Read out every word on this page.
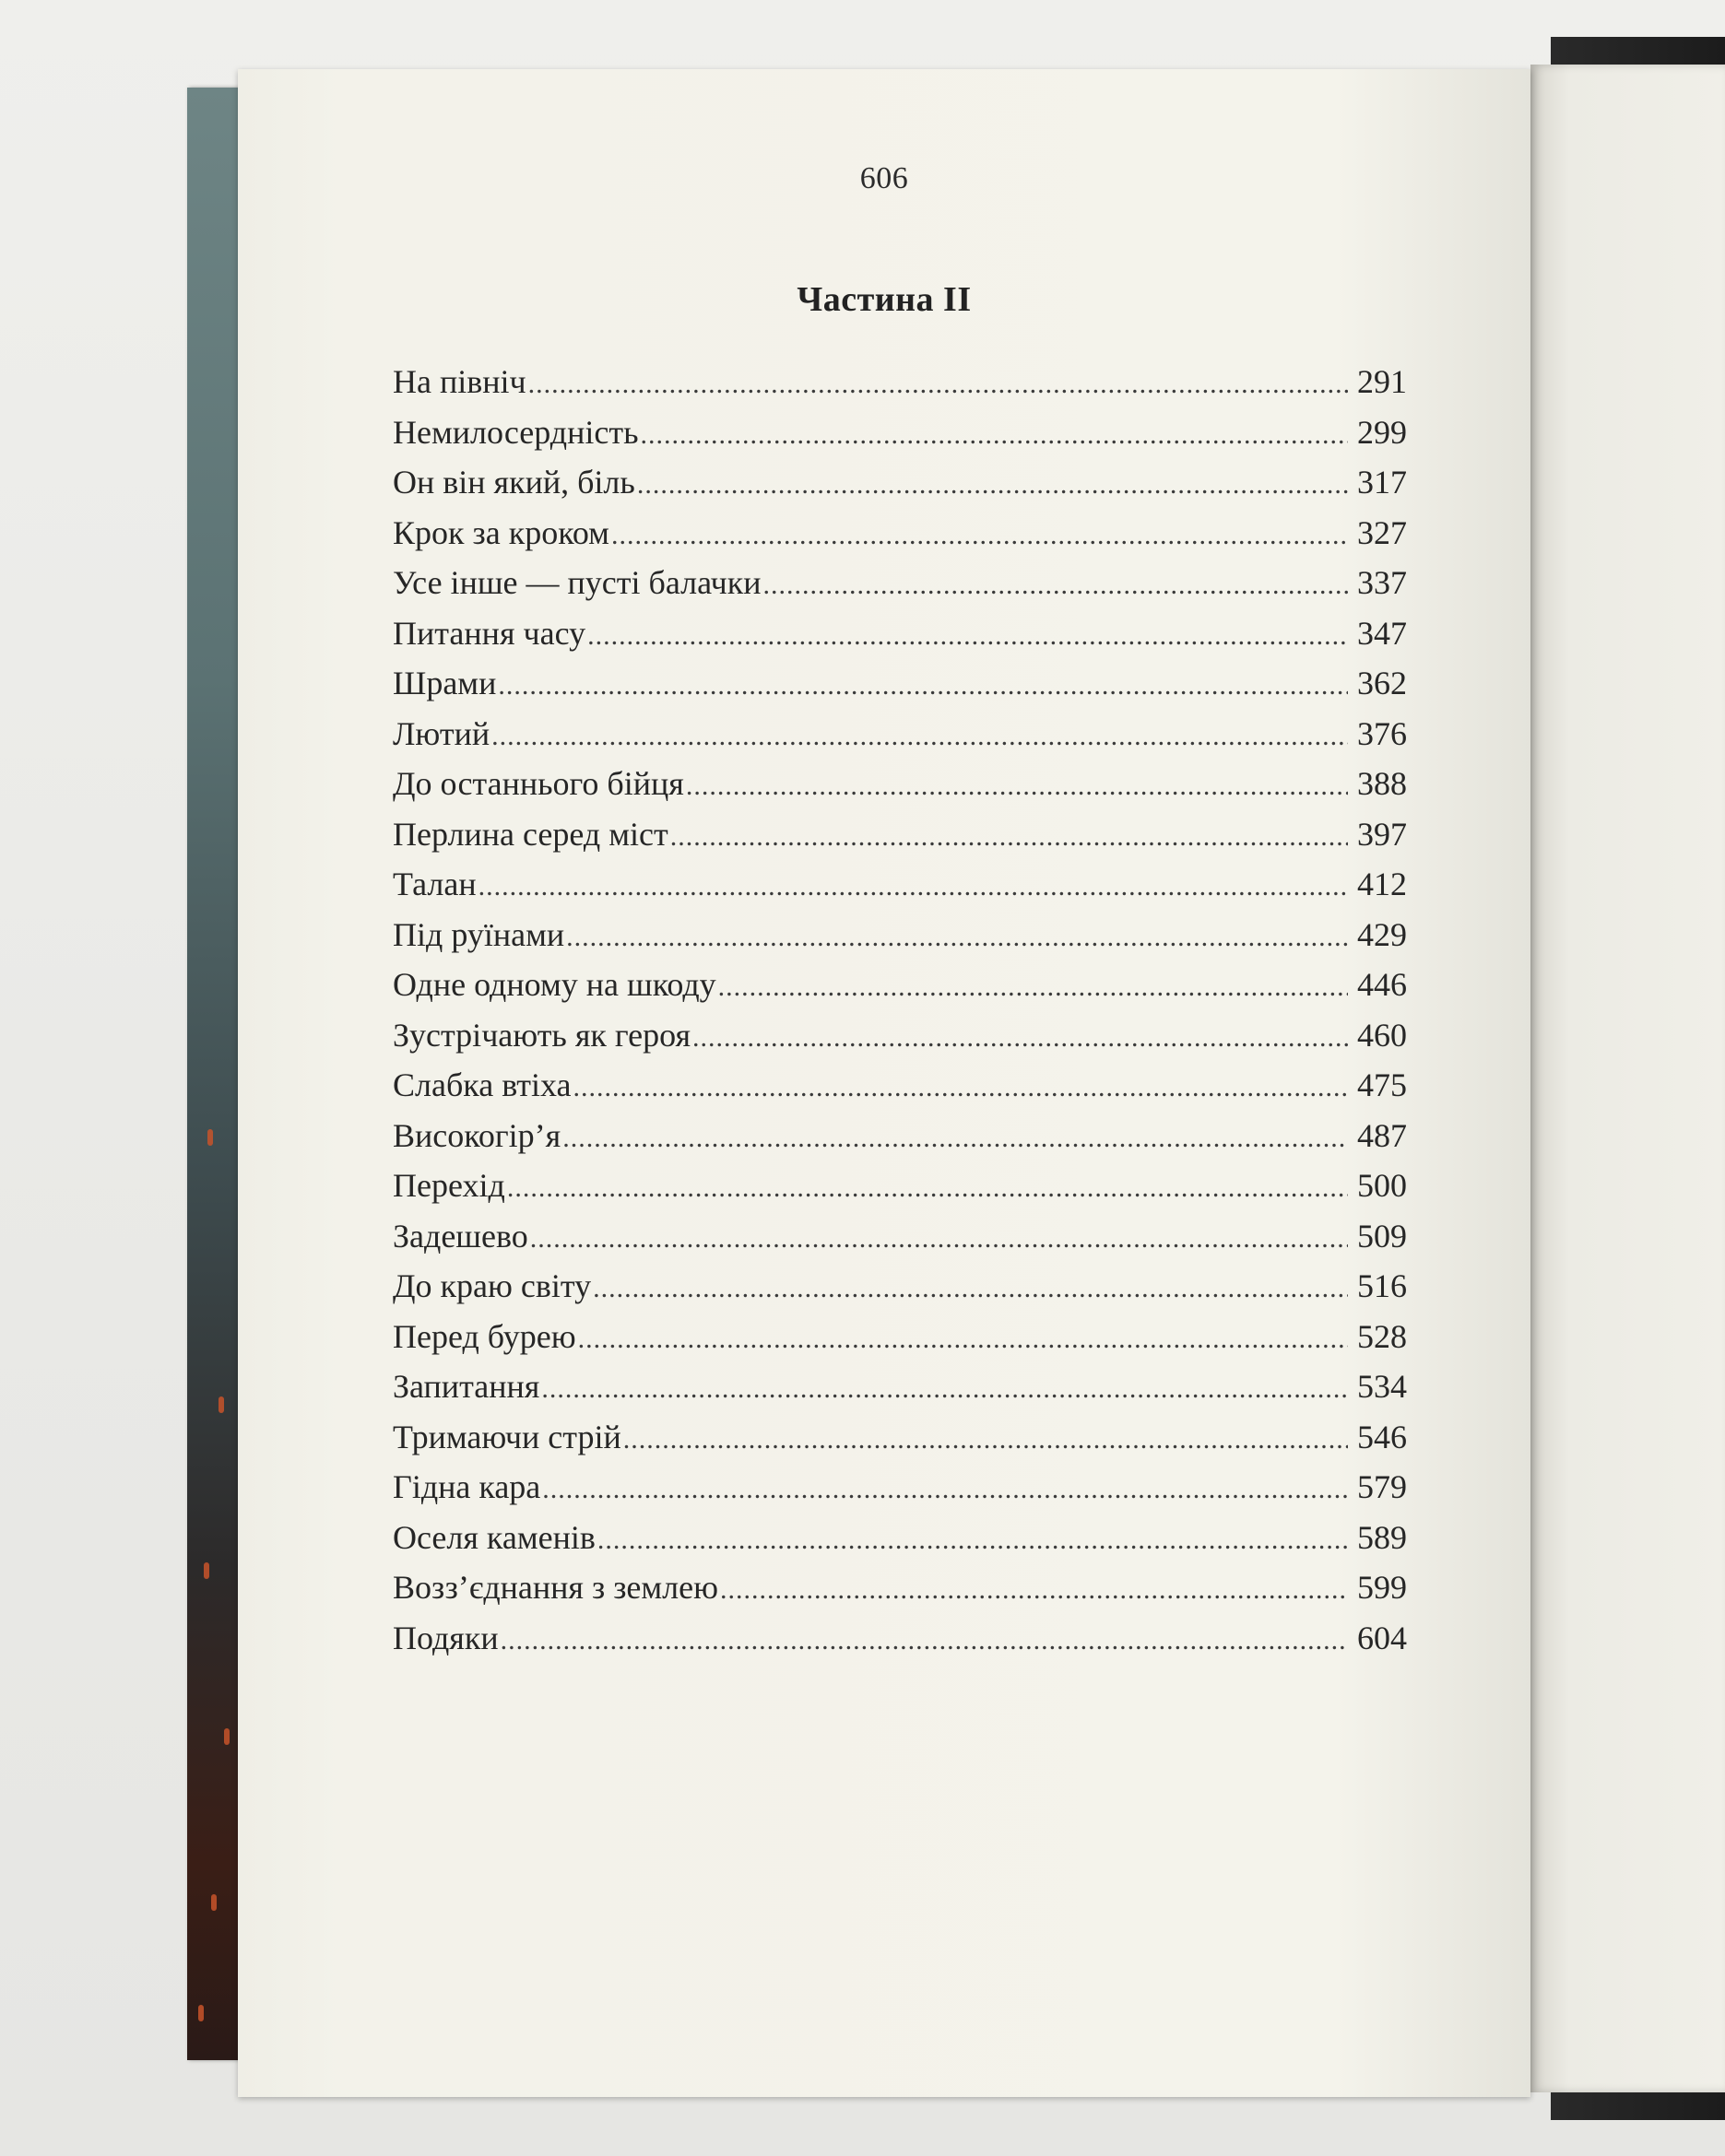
606
Частина ІІ
На північ .....	291
Немилосердність .....	299
Он він який, біль .....	317
Крок за кроком .....	327
Усе інше — пусті балачки .....	337
Питання часу .....	347
Шрами .....	362
Лютий .....	376
До останнього бійця .....	388
Перлина серед міст .....	397
Талан .....	412
Під руїнами .....	429
Одне одному на шкоду .....	446
Зустрічають як героя .....	460
Слабка втіха .....	475
Високогір’я .....	487
Перехід .....	500
Задешево .....	509
До краю світу .....	516
Перед бурею .....	528
Запитання .....	534
Тримаючи стрій .....	546
Гідна кара .....	579
Оселя каменів .....	589
Возз’єднання з землею .....	599
Подяки .....	604
